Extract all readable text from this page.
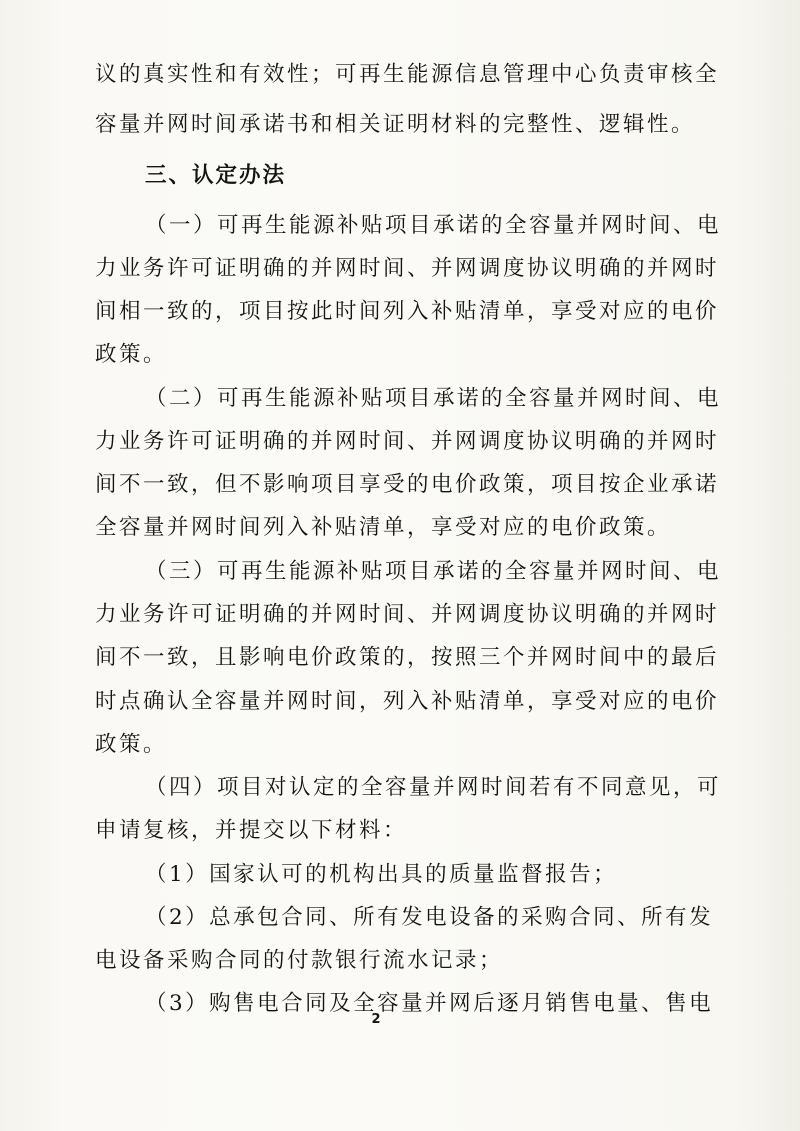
议的真实性和有效性；可再生能源信息管理中心负责审核全
容量并网时间承诺书和相关证明材料的完整性、逻辑性。
三、认定办法
（一）可再生能源补贴项目承诺的全容量并网时间、电
力业务许可证明确的并网时间、并网调度协议明确的并网时
间相一致的，项目按此时间列入补贴清单，享受对应的电价
政策。
（二）可再生能源补贴项目承诺的全容量并网时间、电
力业务许可证明确的并网时间、并网调度协议明确的并网时
间不一致，但不影响项目享受的电价政策，项目按企业承诺
全容量并网时间列入补贴清单，享受对应的电价政策。
（三）可再生能源补贴项目承诺的全容量并网时间、电
力业务许可证明确的并网时间、并网调度协议明确的并网时
间不一致，且影响电价政策的，按照三个并网时间中的最后
时点确认全容量并网时间，列入补贴清单，享受对应的电价
政策。
（四）项目对认定的全容量并网时间若有不同意见，可
申请复核，并提交以下材料：
（1）国家认可的机构出具的质量监督报告；
（2）总承包合同、所有发电设备的采购合同、所有发
电设备采购合同的付款银行流水记录；
（3）购售电合同及全容量并网后逐月销售电量、售电
2
